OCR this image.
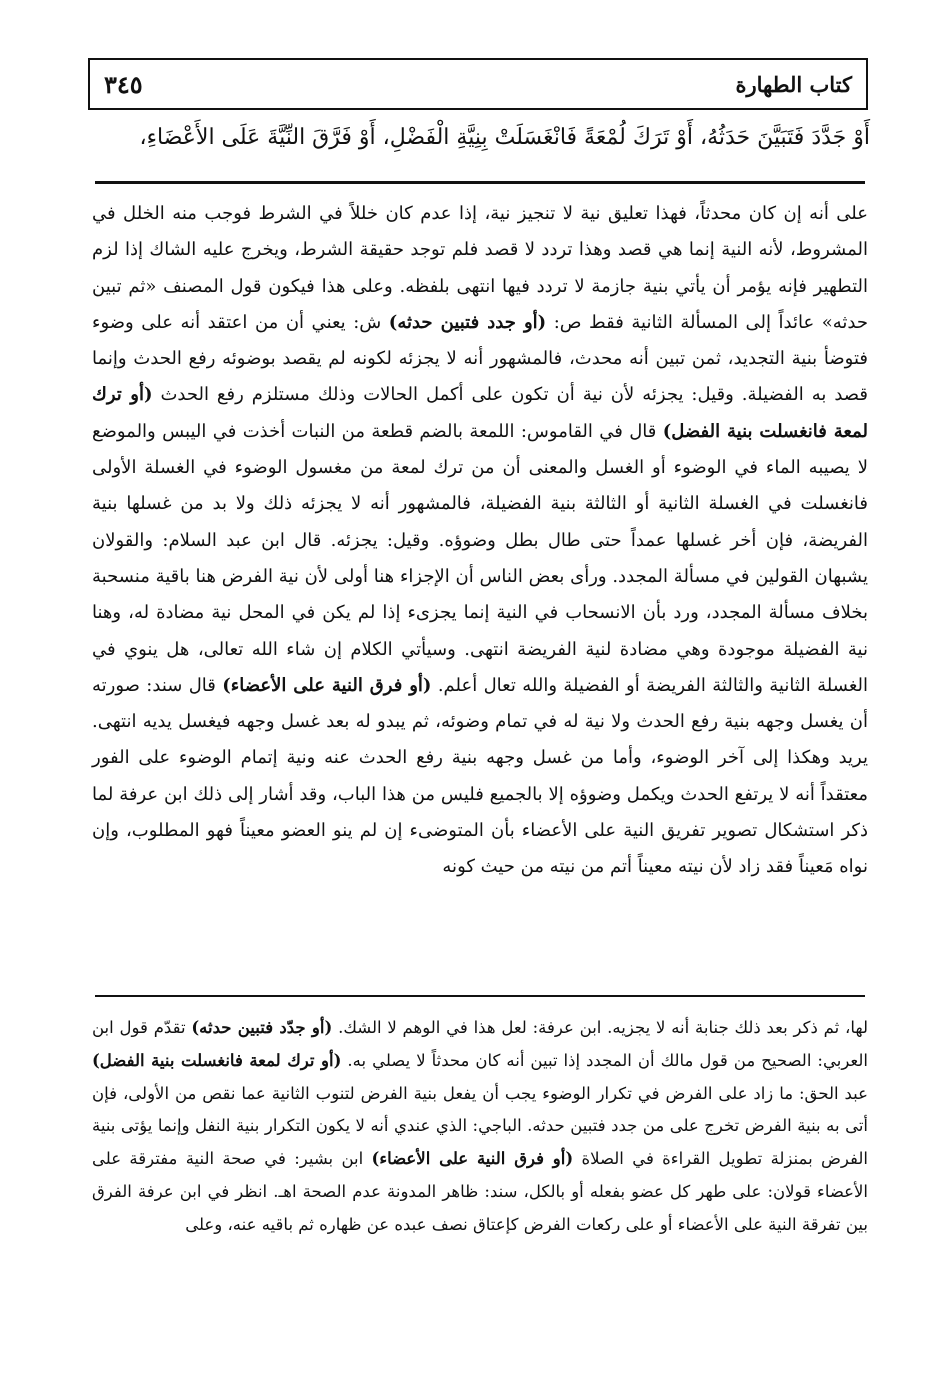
كتاب الطهارة
٣٤٥
أَوْ جَدَّدَ فَتَبَيَّنَ حَدَثُهُ، أَوْ تَرَكَ لُمْعَةً فَانْغَسَلَتْ بِنِيَّةِ الْفَضْلِ، أَوْ فَرَّقَ النِّيَّةَ عَلَى الأَعْضَاءِ،
على أنه إن كان محدثاً، فهذا تعليق نية لا تنجيز نية، إذا عدم كان خللاً في الشرط فوجب منه الخلل في المشروط، لأنه النية إنما هي قصد وهذا تردد لا قصد فلم توجد حقيقة الشرط، ويخرج عليه الشاك إذا لزم التطهير فإنه يؤمر أن يأتي بنية جازمة لا تردد فيها انتهى بلفظه. وعلى هذا فيكون قول المصنف «ثم تبين حدثه» عائداً إلى المسألة الثانية فقط ص: (أو جدد فتبين حدثه) ش: يعني أن من اعتقد أنه على وضوء فتوضأ بنية التجديد، ثمن تبين أنه محدث، فالمشهور أنه لا يجزئه لكونه لم يقصد بوضوئه رفع الحدث وإنما قصد به الفضيلة. وقيل: يجزئه لأن نية أن تكون على أكمل الحالات وذلك مستلزم رفع الحدث (أو ترك لمعة فانغسلت بنية الفضل) قال في القاموس: اللمعة بالضم قطعة من النبات أخذت في اليبس والموضع لا يصيبه الماء في الوضوء أو الغسل والمعنى أن من ترك لمعة من مغسول الوضوء في الغسلة الأولى فانغسلت في الغسلة الثانية أو الثالثة بنية الفضيلة، فالمشهور أنه لا يجزئه ذلك ولا بد من غسلها بنية الفريضة، فإن أخر غسلها عمداً حتى طال بطل وضوؤه. وقيل: يجزئه. قال ابن عبد السلام: والقولان يشبهان القولين في مسألة المجدد. ورأى بعض الناس أن الإجزاء هنا أولى لأن نية الفرض هنا باقية منسحبة بخلاف مسألة المجدد، ورد بأن الانسحاب في النية إنما يجزىء إذا لم يكن في المحل نية مضادة له، وهنا نية الفضيلة موجودة وهي مضادة لنية الفريضة انتهى. وسيأتي الكلام إن شاء الله تعالى، هل ينوي في الغسلة الثانية والثالثة الفريضة أو الفضيلة والله تعال أعلم. (أو فرق النية على الأعضاء) قال سند: صورته أن يغسل وجهه بنية رفع الحدث ولا نية له في تمام وضوئه، ثم يبدو له بعد غسل وجهه فيغسل يديه انتهى. يريد وهكذا إلى آخر الوضوء، وأما من غسل وجهه بنية رفع الحدث عنه ونية إتمام الوضوء على الفور معتقداً أنه لا يرتفع الحدث ويكمل وضوؤه إلا بالجميع فليس من هذا الباب، وقد أشار إلى ذلك ابن عرفة لما ذكر استشكال تصوير تفريق النية على الأعضاء بأن المتوضىء إن لم ينو العضو معيناً فهو المطلوب، وإن نواه مَعيناً فقد زاد لأن نيته معيناً أتم من نيته من حيث كونه
لها، ثم ذكر بعد ذلك جنابة أنه لا يجزيه. ابن عرفة: لعل هذا في الوهم لا الشك. (أو جدّد فتبين حدثه) تقدّم قول ابن العربي: الصحيح من قول مالك أن المجدد إذا تبين أنه كان محدثاً لا يصلي به. (أو ترك لمعة فانغسلت بنية الفضل) عبد الحق: ما زاد على الفرض في تكرار الوضوء يجب أن يفعل بنية الفرض لتنوب الثانية عما نقص من الأولى، فإن أتى به بنية الفرض تخرج على من جدد فتبين حدثه. الباجي: الذي عندي أنه لا يكون التكرار بنية النفل وإنما يؤتى بنية الفرض بمنزلة تطويل القراءة في الصلاة (أو فرق النية على الأعضاء) ابن بشير: في صحة النية مفترقة على الأعضاء قولان: على طهر كل عضو بفعله أو بالكل، سند: ظاهر المدونة عدم الصحة اهـ. انظر في ابن عرفة الفرق بين تفرقة النية على الأعضاء أو على ركعات الفرض كإعتاق نصف عبده عن ظهاره ثم باقيه عنه، وعلى
